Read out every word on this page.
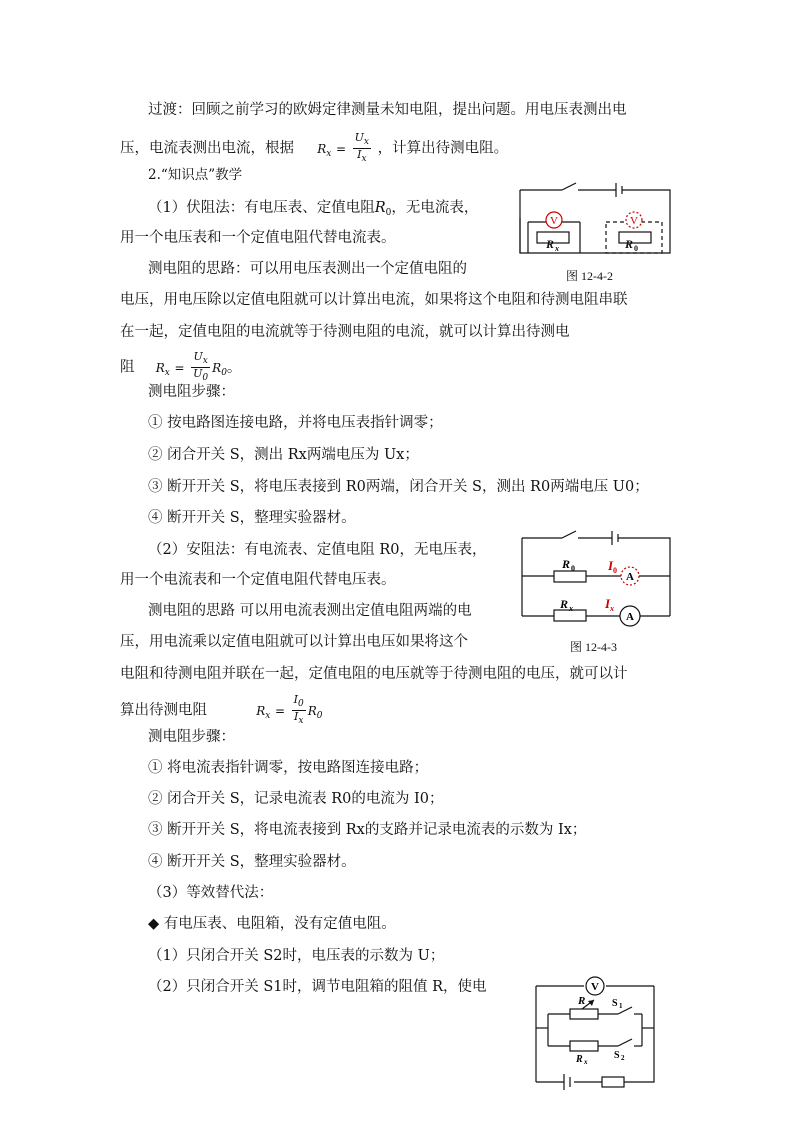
过渡：回顾之前学习的欧姆定律测量未知电阻，提出问题。用电压表测出电
压，电流表测出电流，根据 $R_x = \frac{U_x}{I_x}$ ，计算出待测电阻。
2.“知识点”教学
（1）伏阻法：有电压表、定值电阻$R_0$，无电流表，
用一个电压表和一个定值电阻代替电流表。
测电阻的思路：可以用电压表测出一个定值电阻的
电压，用电压除以定值电阻就可以计算出电流，如果将这个电阻和待测电阻串联
在一起，定值电阻的电流就等于待测电阻的电流，就可以计算出待测电
阻 $R_x = \frac{U_x}{U_0} R_0$。
测电阻步骤：
① 按电路图连接电路，并将电压表指针调零；
② 闭合开关 S，测出 Rx两端电压为 Ux；
③ 断开开关 S，将电压表接到 R0两端，闭合开关 S，测出 R0两端电压 U0；
④ 断开开关 S，整理实验器材。
（2）安阻法：有电流表、定值电阻 R0，无电压表，
用一个电流表和一个定值电阻代替电压表。
测电阻的思路 可以用电流表测出定值电阻两端的电
压，用电流乘以定值电阻就可以计算出电压如果将这个
电阻和待测电阻并联在一起，定值电阻的电压就等于待测电阻的电压，就可以计
算出待测电阻	$R_x = \frac{I_0}{I_x} R_0$
测电阻步骤：
① 将电流表指针调零，按电路图连接电路；
② 闭合开关 S，记录电流表 R0的电流为 I0；
③ 断开开关 S，将电流表接到 Rx的支路并记录电流表的示数为 Ix；
④ 断开开关 S，整理实验器材。
（3）等效替代法：
◆ 有电压表、电阻箱，没有定值电阻。
（1）只闭合开关 S2时，电压表的示数为 U；
（2）只闭合开关 S1时，调节电阻箱的阻值 R，使电
V
R x
V
R 0
图 12-4-2
R 0
R x
I 0
I x
A
A
图 12-4-3
V
R	S 1
R x
S 2
